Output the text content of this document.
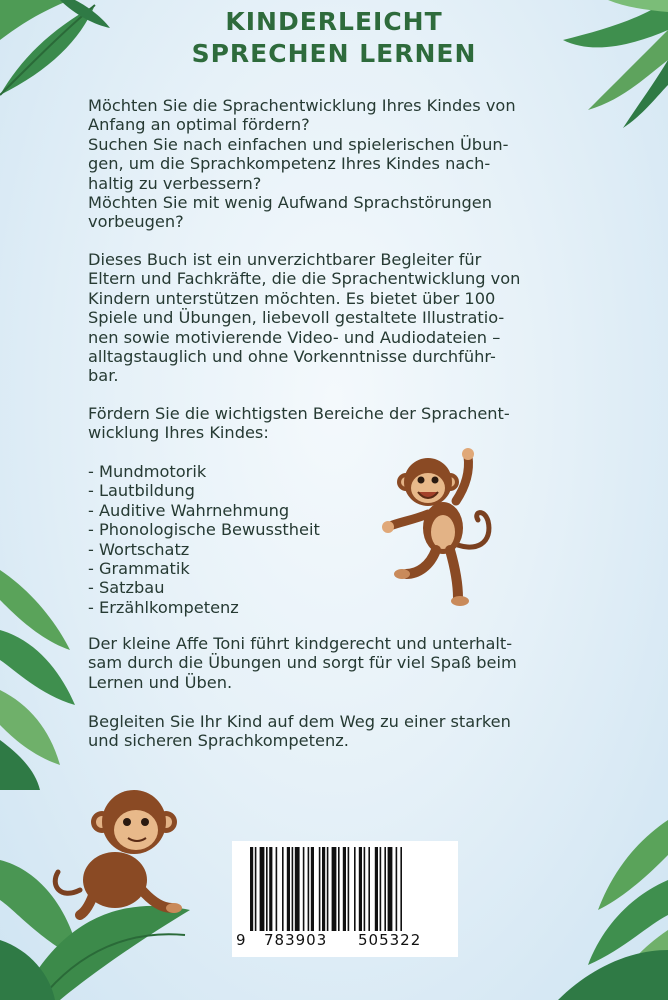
KINDERLEICHT
SPRECHEN LERNEN
Möchten Sie die Sprachentwicklung Ihres Kindes von
Anfang an optimal fördern?
Suchen Sie nach einfachen und spielerischen Übun-
gen, um die Sprachkompetenz Ihres Kindes nach-
haltig zu verbessern?
Möchten Sie mit wenig Aufwand Sprachstörungen
vorbeugen?
Dieses Buch ist ein unverzichtbarer Begleiter für
Eltern und Fachkräfte, die die Sprachentwicklung von
Kindern unterstützen möchten. Es bietet über 100
Spiele und Übungen, liebevoll gestaltete Illustratio-
nen sowie motivierende Video- und Audiodateien –
alltagstauglich und ohne Vorkenntnisse durchführ-
bar.
Fördern Sie die wichtigsten Bereiche der Sprachent-
wicklung Ihres Kindes:
- Mundmotorik
- Lautbildung
- Auditive Wahrnehmung
- Phonologische Bewusstheit
- Wortschatz
- Grammatik
- Satzbau
- Erzählkompetenz
Der kleine Affe Toni führt kindgerecht und unterhalt-
sam durch die Übungen und sorgt für viel Spaß beim
Lernen und Üben.
Begleiten Sie Ihr Kind auf dem Weg zu einer starken
und sicheren Sprachkompetenz.
9 783903 505322
